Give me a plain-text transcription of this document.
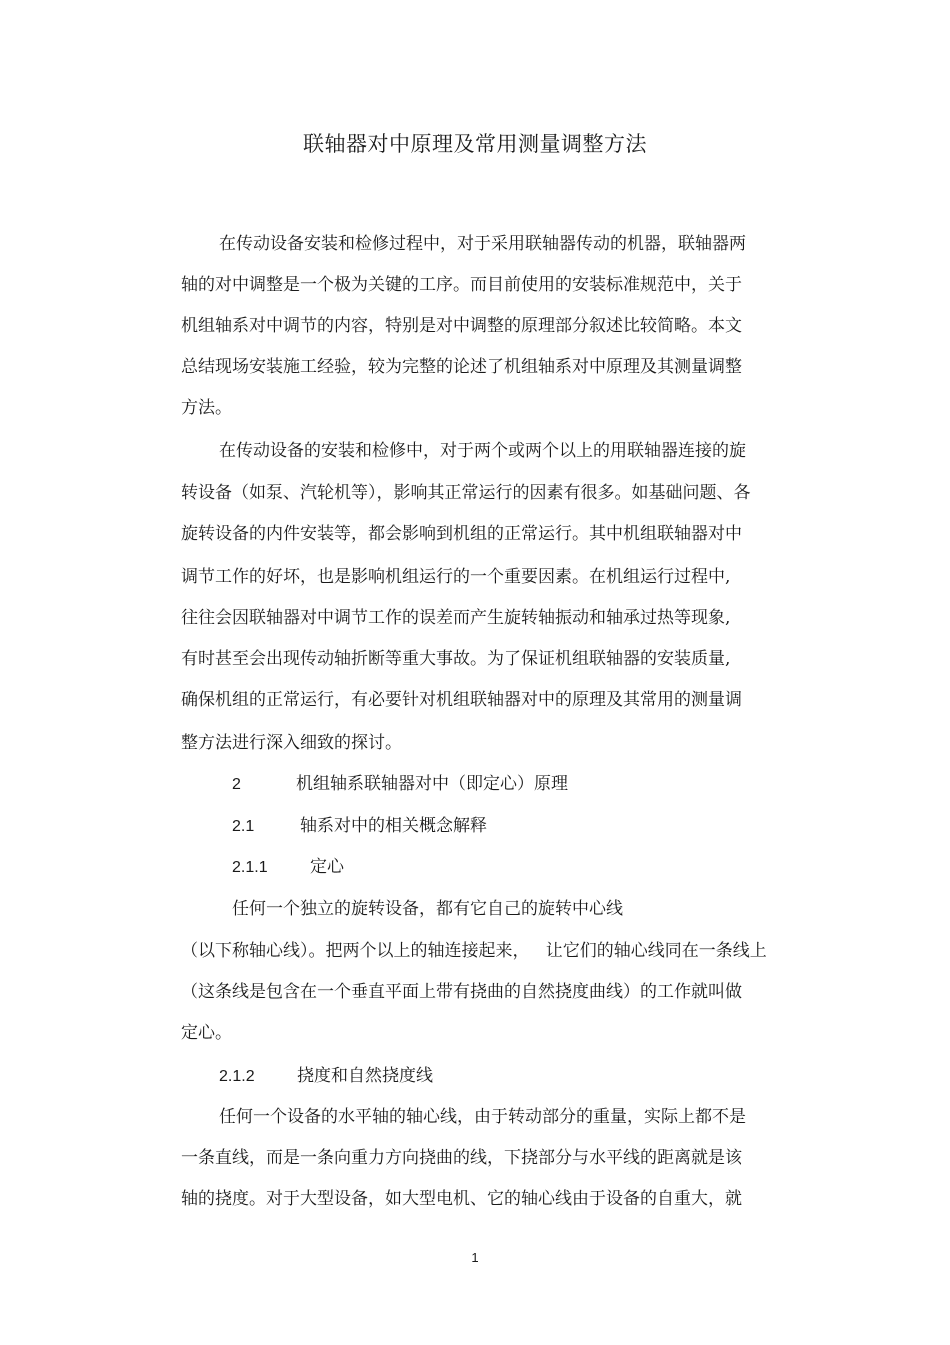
联轴器对中原理及常用测量调整方法
在传动设备安装和检修过程中，对于采用联轴器传动的机器，联轴器两
轴的对中调整是一个极为关键的工序。而目前使用的安装标准规范中，关于
机组轴系对中调节的内容，特别是对中调整的原理部分叙述比较简略。本文
总结现场安装施工经验，较为完整的论述了机组轴系对中原理及其测量调整
方法。
在传动设备的安装和检修中，对于两个或两个以上的用联轴器连接的旋
转设备（如泵、汽轮机等），影响其正常运行的因素有很多。如基础问题、各
旋转设备的内件安装等，都会影响到机组的正常运行。其中机组联轴器对中
调节工作的好坏，也是影响机组运行的一个重要因素。在机组运行过程中,
往往会因联轴器对中调节工作的误差而产生旋转轴振动和轴承过热等现象,
有时甚至会出现传动轴折断等重大事故。为了保证机组联轴器的安装质量,
确保机组的正常运行，有必要针对机组联轴器对中的原理及其常用的测量调
整方法进行深入细致的探讨。
2	机组轴系联轴器对中（即定心）原理
2.1	轴系对中的相关概念解释
2.1.1 定心
任何一个独立的旋转设备，都有它自己的旋转中心线
（以下称轴心线）。把两个以上的轴连接起来，   让它们的轴心线同在一条线上
（这条线是包含在一个垂直平面上带有挠曲的自然挠度曲线）的工作就叫做
定心。
2.1.2 挠度和自然挠度线
任何一个设备的水平轴的轴心线，由于转动部分的重量，实际上都不是
一条直线，而是一条向重力方向挠曲的线，下挠部分与水平线的距离就是该
轴的挠度。对于大型设备，如大型电机、它的轴心线由于设备的自重大，就
1
